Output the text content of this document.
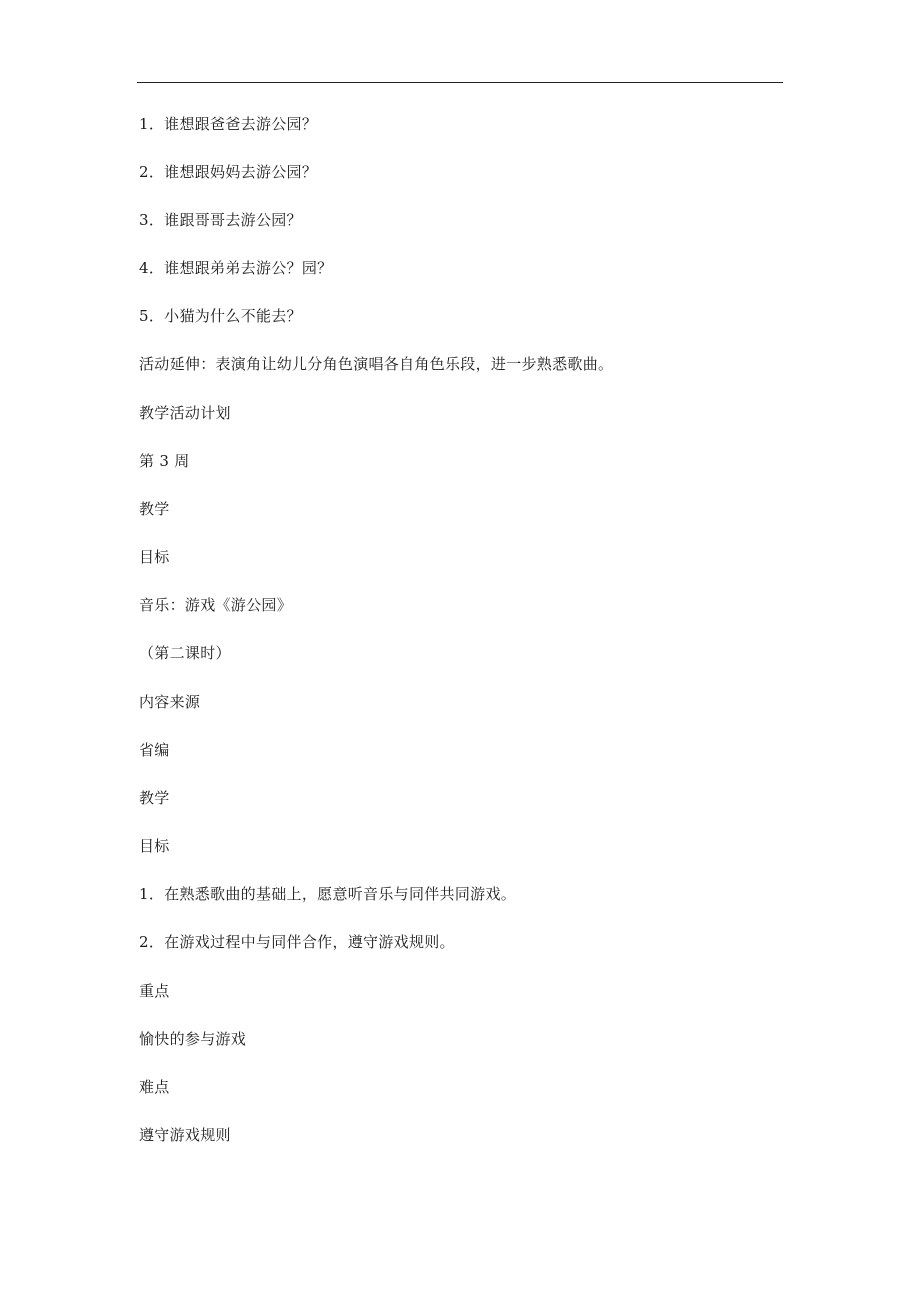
1．谁想跟爸爸去游公园？

2．谁想跟妈妈去游公园？

3．谁跟哥哥去游公园？

4．谁想跟弟弟去游公？园？

5．小猫为什么不能去？

活动延伸：表演角让幼儿分角色演唱各自角色乐段，进一步熟悉歌曲。

教学活动计划

第 3 周

教学

目标

音乐：游戏《游公园》

（第二课时）

内容来源

省编

教学

目标

1．在熟悉歌曲的基础上，愿意听音乐与同伴共同游戏。

2．在游戏过程中与同伴合作，遵守游戏规则。

重点

愉快的参与游戏

难点

遵守游戏规则
